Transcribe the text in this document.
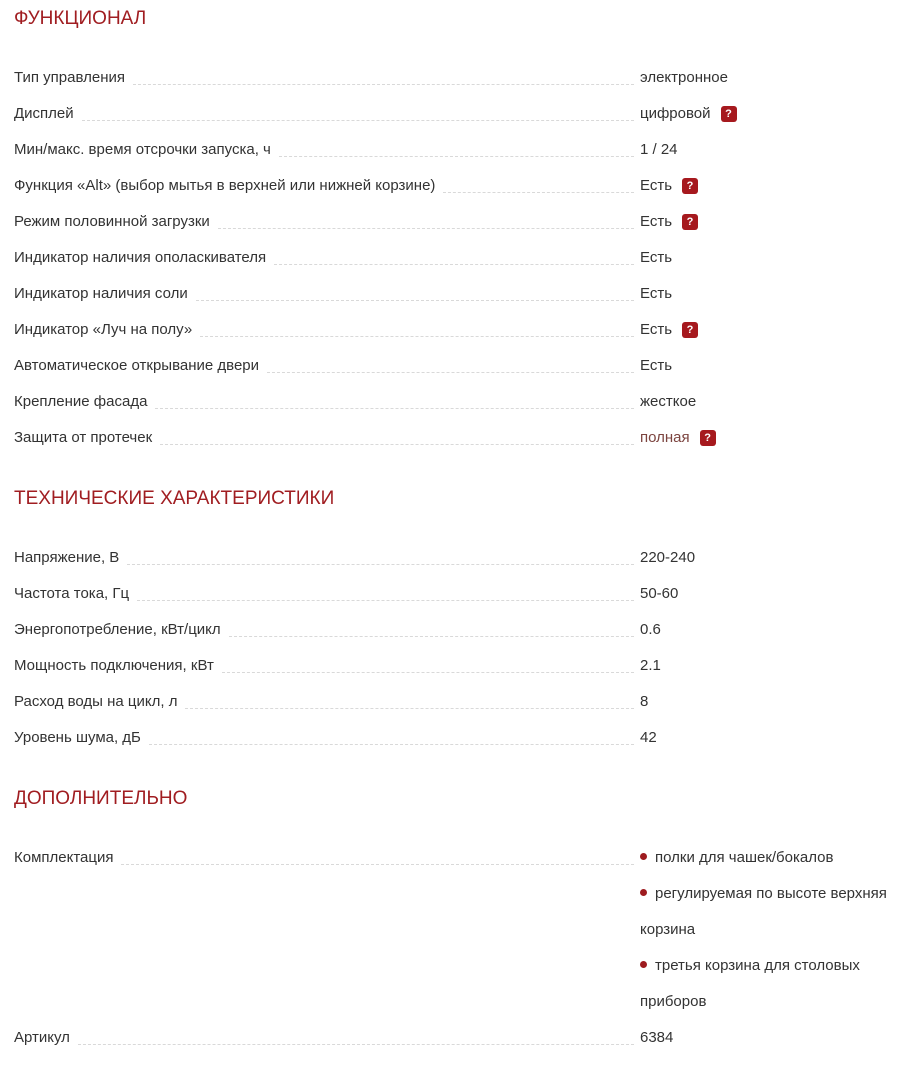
ФУНКЦИОНАЛ
Тип управления	электронное
Дисплей	цифровой ?
Мин/макс. время отсрочки запуска, ч	1 / 24
Функция «Alt» (выбор мытья в верхней или нижней корзине)	Есть ?
Режим половинной загрузки	Есть ?
Индикатор наличия ополаскивателя	Есть
Индикатор наличия соли	Есть
Индикатор «Луч на полу»	Есть ?
Автоматическое открывание двери	Есть
Крепление фасада	жесткое
Защита от протечек	полная ?
ТЕХНИЧЕСКИЕ ХАРАКТЕРИСТИКИ
Напряжение, В	220-240
Частота тока, Гц	50-60
Энергопотребление, кВт/цикл	0.6
Мощность подключения, кВт	2.1
Расход воды на цикл, л	8
Уровень шума, дБ	42
ДОПОЛНИТЕЛЬНО
Комплектация	полки для чашек/бокалов
регулируемая по высоте верхняя корзина
третья корзина для столовых приборов
Артикул	6384
